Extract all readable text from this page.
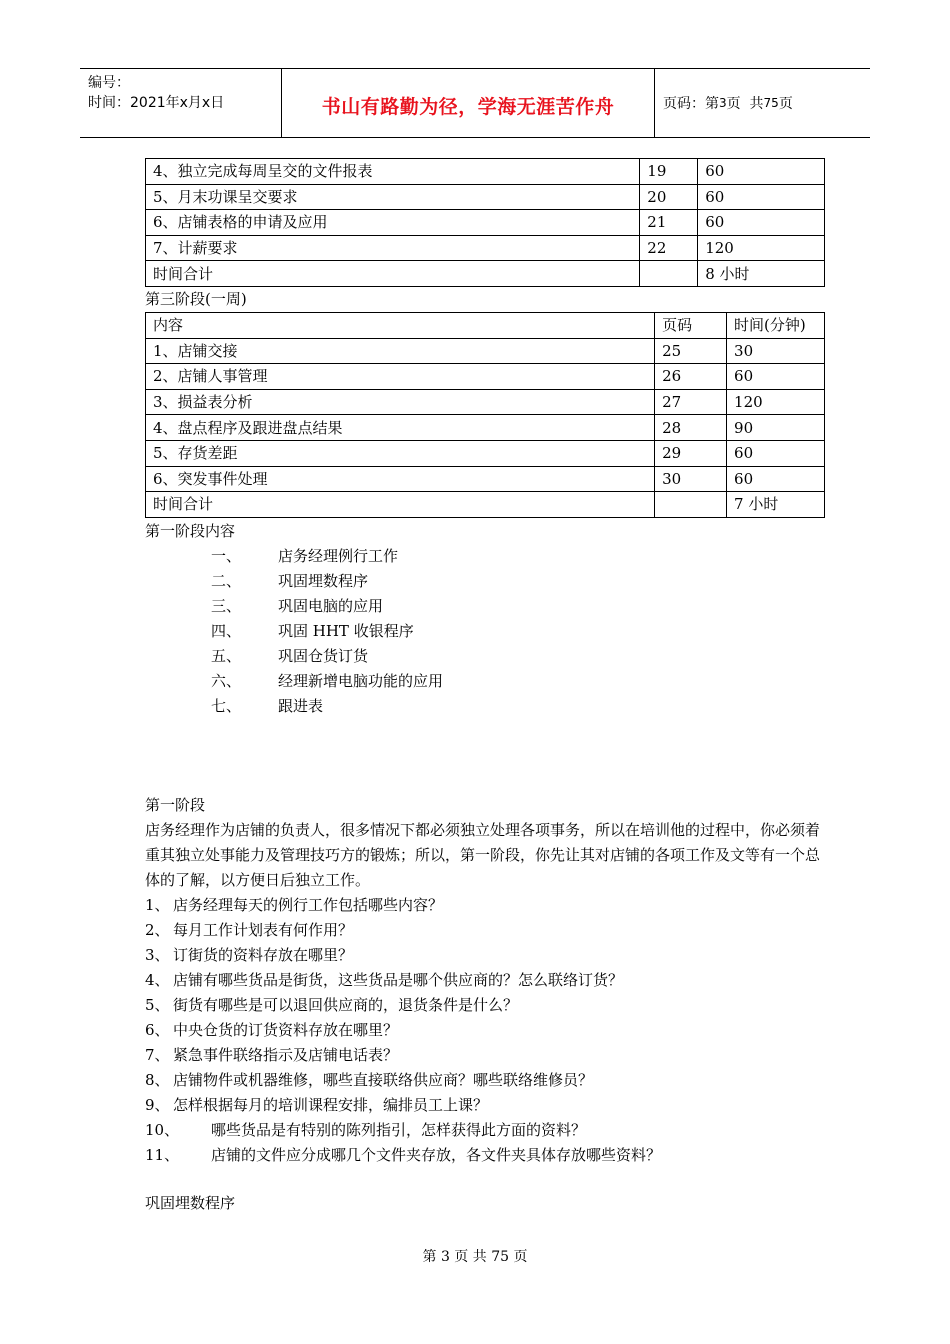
编号：
时间：2021年x月x日	书山有路勤为径，学海无涯苦作舟	页码：第 3 页  共 75 页
4、独立完成每周呈交的文件报表	19	60
5、月末功课呈交要求	20	60
6、店铺表格的申请及应用	21	60
7、计薪要求	22	120
时间合计		8 小时
第三阶段(一周)
内容	页码	时间(分钟)
1、店铺交接	25	30
2、店铺人事管理	26	60
3、损益表分析	27	120
4、盘点程序及跟进盘点结果	28	90
5、存货差距	29	60
6、突发事件处理	30	60
时间合计		7 小时
第一阶段内容
一、 店务经理例行工作
二、 巩固埋数程序
三、 巩固电脑的应用
四、 巩固 HHT 收银程序
五、 巩固仓货订货
六、 经理新增电脑功能的应用
七、 跟进表
第一阶段
店务经理作为店铺的负责人，很多情况下都必须独立处理各项事务，所以在培训他的过程中，你必须着重其独立处事能力及管理技巧方的锻炼；所以，第一阶段，你先让其对店铺的各项工作及文等有一个总体的了解，以方便日后独立工作。
1、 店务经理每天的例行工作包括哪些内容？
2、 每月工作计划表有何作用？
3、 订街货的资料存放在哪里？
4、 店铺有哪些货品是街货，这些货品是哪个供应商的？怎么联络订货？
5、 街货有哪些是可以退回供应商的，退货条件是什么？
6、 中央仓货的订货资料存放在哪里？
7、 紧急事件联络指示及店铺电话表？
8、 店铺物件或机器维修，哪些直接联络供应商？哪些联络维修员？
9、 怎样根据每月的培训课程安排，编排员工上课？
10、 哪些货品是有特别的陈列指引，怎样获得此方面的资料？
11、 店铺的文件应分成哪几个文件夹存放，各文件夹具体存放哪些资料？
巩固埋数程序
第 3 页 共 75 页
